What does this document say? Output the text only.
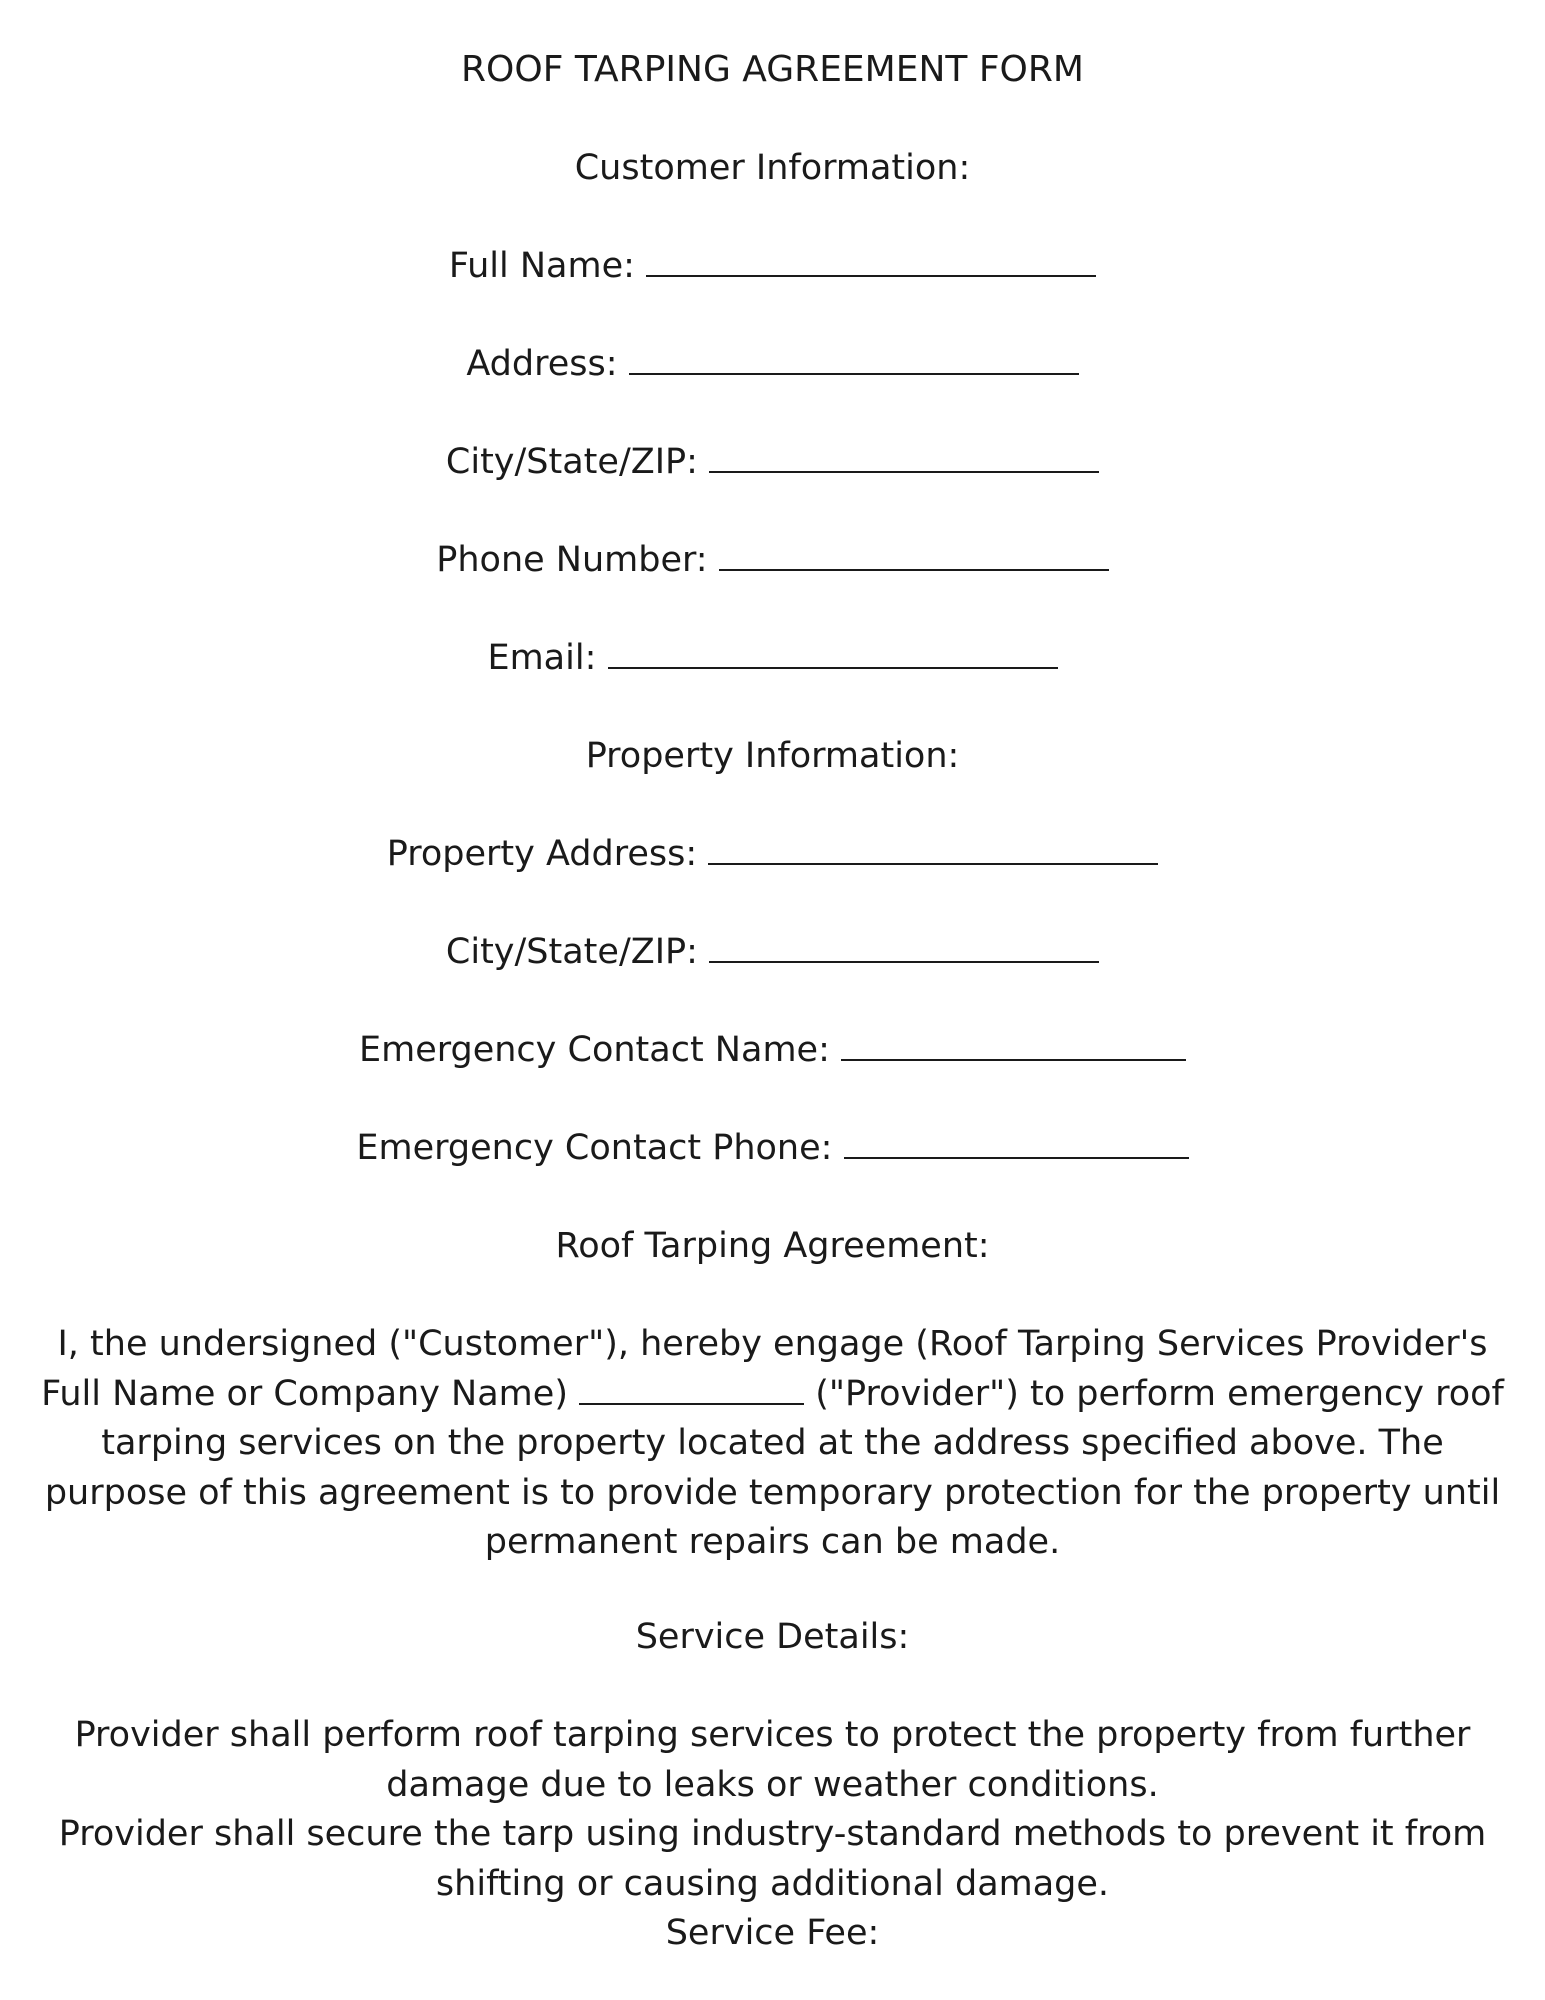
ROOF TARPING AGREEMENT FORM
Customer Information:
Full Name:
Address:
City/State/ZIP:
Phone Number:
Email:
Property Information:
Property Address:
City/State/ZIP:
Emergency Contact Name:
Emergency Contact Phone:
Roof Tarping Agreement:
I, the undersigned ("Customer"), hereby engage (Roof Tarping Services Provider's Full Name or Company Name)	("Provider") to perform emergency roof tarping services on the property located at the address specified above. The purpose of this agreement is to provide temporary protection for the property until permanent repairs can be made.
Service Details:
Provider shall perform roof tarping services to protect the property from further damage due to leaks or weather conditions.
Provider shall secure the tarp using industry-standard methods to prevent it from shifting or causing additional damage.
Service Fee:
